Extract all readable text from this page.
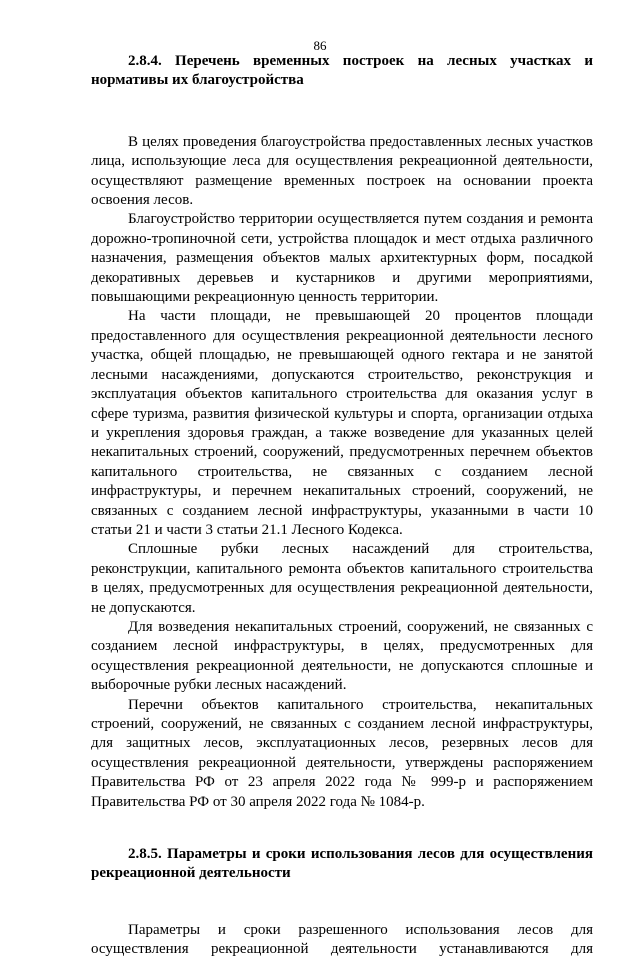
86
2.8.4. Перечень временных построек на лесных участках и нормативы их благоустройства

В целях проведения благоустройства предоставленных лесных участков лица, использующие леса для осуществления рекреационной деятельности, осуществляют размещение временных построек на основании проекта освоения лесов.

Благоустройство территории осуществляется путем создания и ремонта дорожно-тропиночной сети, устройства площадок и мест отдыха различного назначения, размещения объектов малых архитектурных форм, посадкой декоративных деревьев и кустарников и другими мероприятиями, повышающими рекреационную ценность территории.

На части площади, не превышающей 20 процентов площади предоставленного для осуществления рекреационной деятельности лесного участка, общей площадью, не превышающей одного гектара и не занятой лесными насаждениями, допускаются строительство, реконструкция и эксплуатация объектов капитального строительства для оказания услуг в сфере туризма, развития физической культуры и спорта, организации отдыха и укрепления здоровья граждан, а также возведение для указанных целей некапитальных строений, сооружений, предусмотренных перечнем объектов капитального строительства, не связанных с созданием лесной инфраструктуры, и перечнем некапитальных строений, сооружений, не связанных с созданием лесной инфраструктуры, указанными в части 10 статьи 21 и части 3 статьи 21.1 Лесного Кодекса.

Сплошные рубки лесных насаждений для строительства, реконструкции, капитального ремонта объектов капитального строительства в целях, предусмотренных для осуществления рекреационной деятельности, не допускаются.

Для возведения некапитальных строений, сооружений, не связанных с созданием лесной инфраструктуры, в целях, предусмотренных для осуществления рекреационной деятельности, не допускаются сплошные и выборочные рубки лесных насаждений.

Перечни объектов капитального строительства, некапитальных строений, сооружений, не связанных с созданием лесной инфраструктуры, для защитных лесов, эксплуатационных лесов, резервных лесов для осуществления рекреационной деятельности, утверждены распоряжением Правительства РФ от 23 апреля 2022 года № 999-р и распоряжением Правительства РФ от 30 апреля 2022 года № 1084-р.

2.8.5. Параметры и сроки использования лесов для осуществления рекреационной деятельности

Параметры и сроки разрешенного использования лесов для осуществления рекреационной деятельности устанавливаются для
